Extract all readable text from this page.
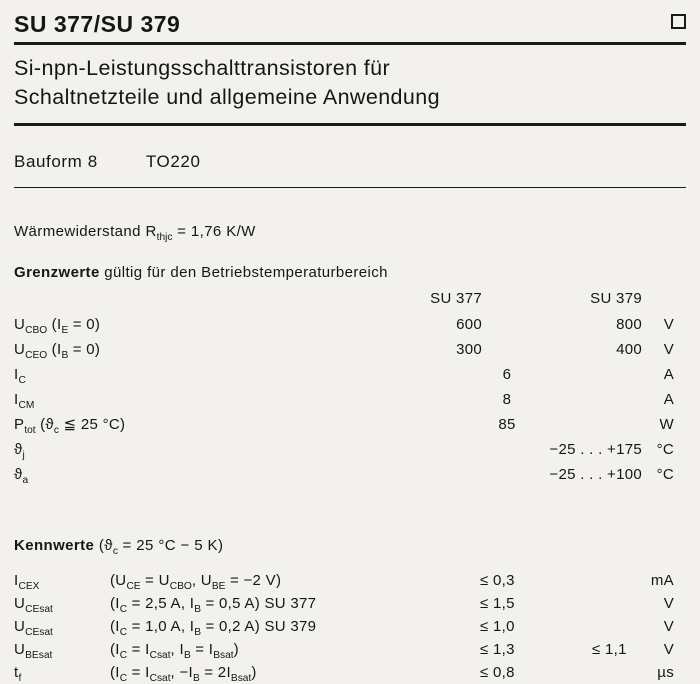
SU 377/SU 379
Si-npn-Leistungsschalttransistoren für
Schaltnetzteile und allgemeine Anwendung
Bauform 8	TO220
Wärmewiderstand $R_{thjc} = 1,76$ K/W
Grenzwerte gültig für den Betriebstemperaturbereich
SU 377	SU 379
$U_{CBO}$ $(I_E = 0)$	600	800	V
$U_{CEO}$ $(I_B = 0)$	300	400	V
$I_C$	6	A
$I_{CM}$	8	A
$P_{tot}$ ($ϑ_c$ ≦ 25 °C)	85	W
$ϑ_j$	−25 . . . +175 °C
$ϑ_a$	−25 . . . +100 °C
Kennwerte ($ϑ_c = 25$ °C − 5 K)
$I_{CEX}$	($U_{CE} = U_{CBO}$, $U_{BE} = -2$ V)	≤ 0,3	mA
$U_{CEsat}$	($I_C = 2,5$ A, $I_B = 0,5$ A) SU 377	≤ 1,5	V
$U_{CEsat}$	($I_C = 1,0$ A, $I_B = 0,2$ A) SU 379	≤ 1,0	V
$U_{BEsat}$	($I_C = I_{Csat}$, $I_B = I_{Bsat}$)	≤ 1,3	≤ 1,1	V
$t_f$	($I_C = I_{Csat}$, $-I_B = 2I_{Bsat}$)	≤ 0,8	µs
